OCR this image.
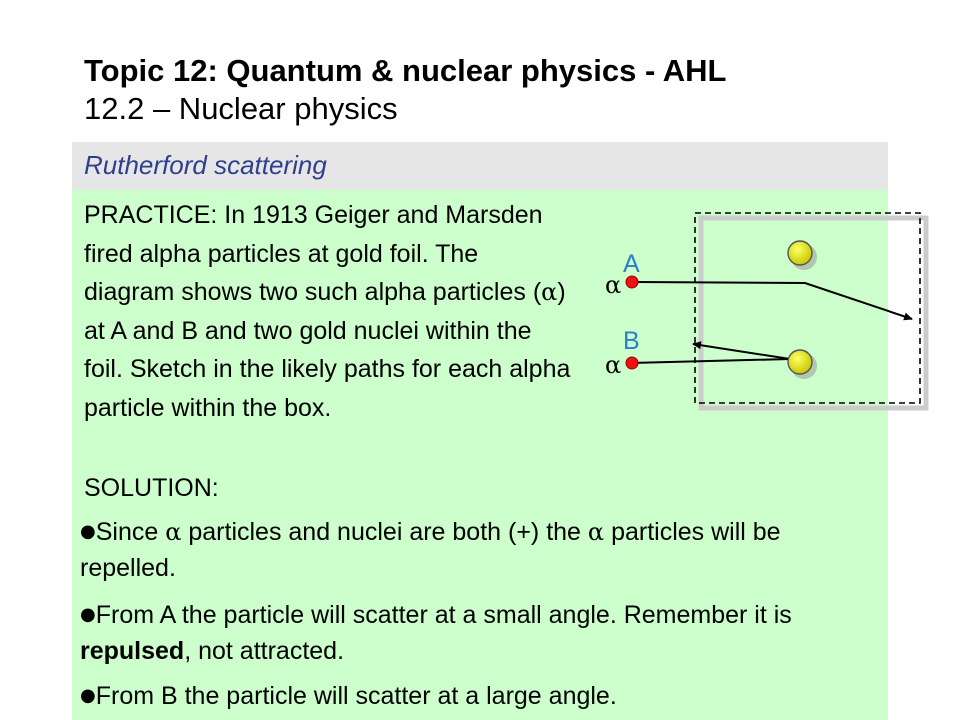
Topic 12: Quantum & nuclear physics - AHL
12.2 – Nuclear physics
Rutherford scattering

PRACTICE: In 1913 Geiger and Marsden fired alpha particles at gold foil. The diagram shows two such alpha particles (α) at A and B and two gold nuclei within the foil. Sketch in the likely paths for each alpha particle within the box.

SOLUTION:

●Since α particles and nuclei are both (+) the α particles will be repelled.

●From A the particle will scatter at a small angle. Remember it is repulsed, not attracted.

●From B the particle will scatter at a large angle.

A
B
α
α
